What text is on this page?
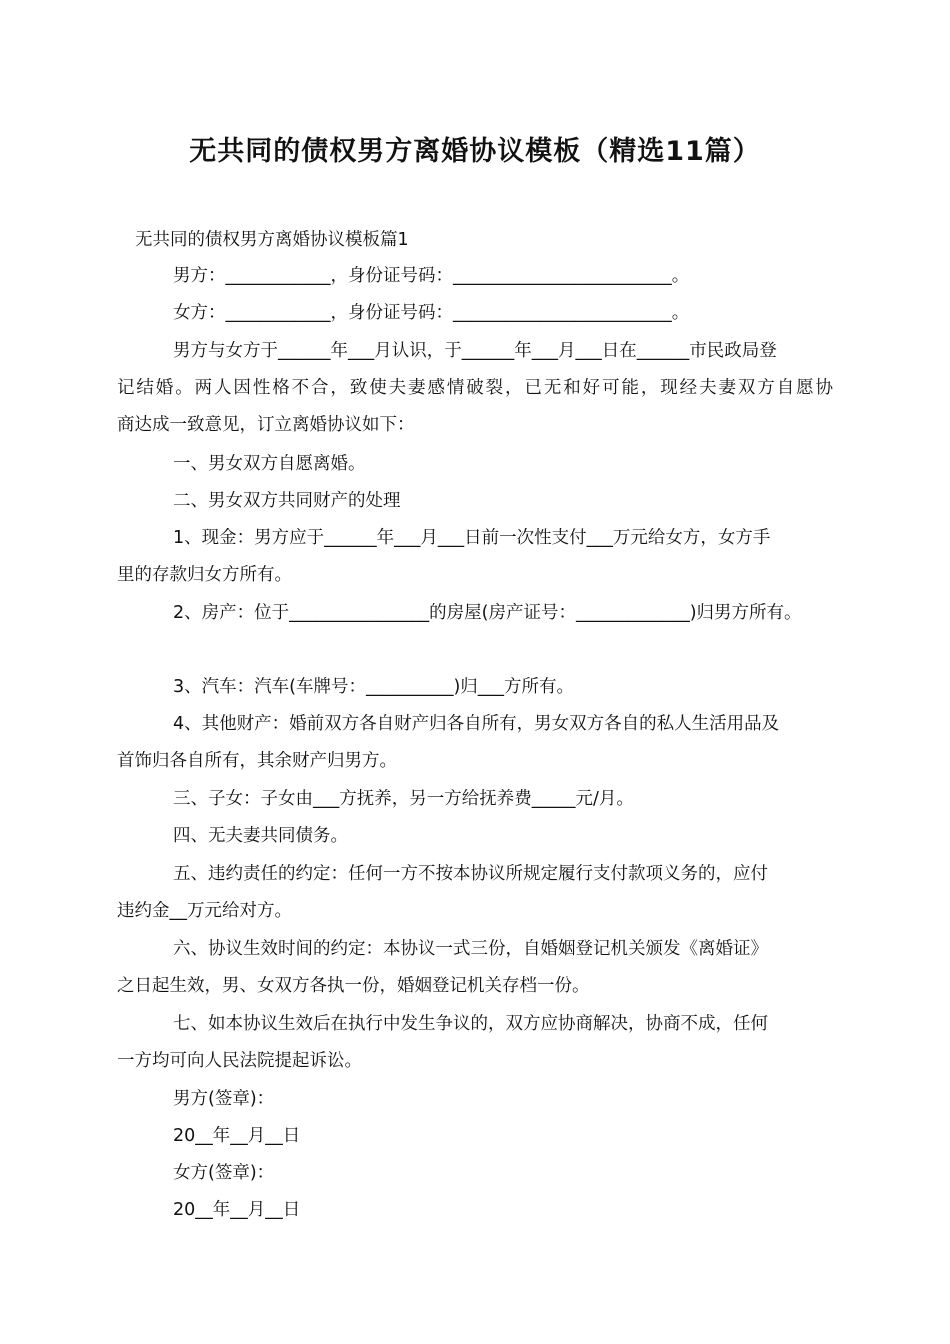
无共同的债权男方离婚协议模板（精选11篇）
无共同的债权男方离婚协议模板篇1
男方：____________，身份证号码：_________________________。
女方：____________，身份证号码：_________________________。
男方与女方于______年___月认识，于______年___月___日在______市民政局登
记结婚。两人因性格不合，致使夫妻感情破裂，已无和好可能，现经夫妻双方自愿协
商达成一致意见，订立离婚协议如下：
一、男女双方自愿离婚。
二、男女双方共同财产的处理
1、现金：男方应于______年___月___日前一次性支付___万元给女方，女方手
里的存款归女方所有。
2、房产：位于________________的房屋(房产证号：_____________)归男方所有。
3、汽车：汽车(车牌号：__________)归___方所有。
4、其他财产：婚前双方各自财产归各自所有，男女双方各自的私人生活用品及
首饰归各自所有，其余财产归男方。
三、子女：子女由___方抚养，另一方给抚养费_____元/月。
四、无夫妻共同债务。
五、违约责任的约定：任何一方不按本协议所规定履行支付款项义务的，应付
违约金__万元给对方。
六、协议生效时间的约定：本协议一式三份，自婚姻登记机关颁发《离婚证》
之日起生效，男、女双方各执一份，婚姻登记机关存档一份。
七、如本协议生效后在执行中发生争议的，双方应协商解决，协商不成，任何
一方均可向人民法院提起诉讼。
男方(签章)：
20__年__月__日
女方(签章)：
20__年__月__日
